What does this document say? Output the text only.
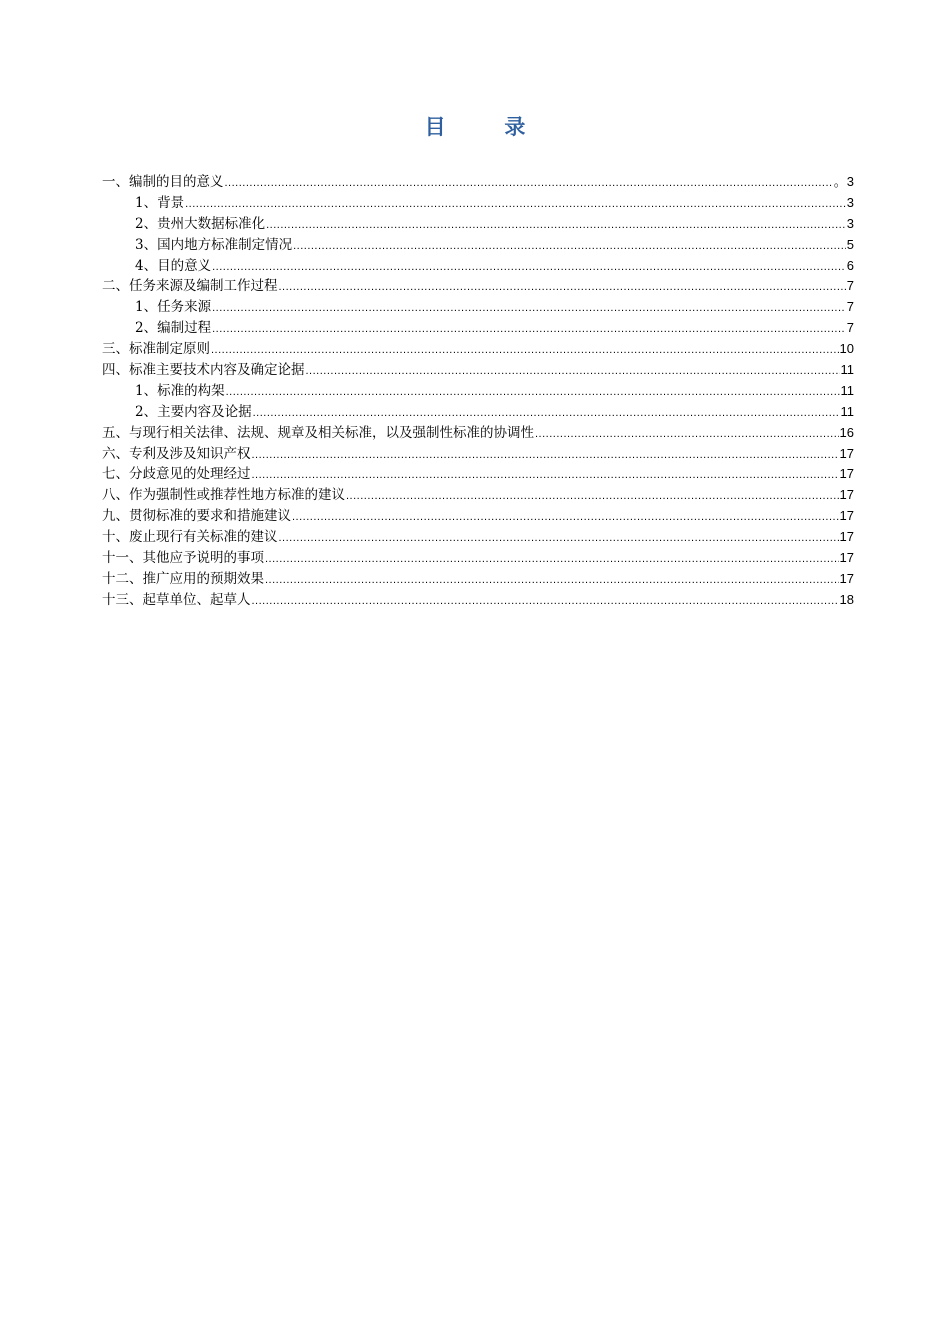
目　录
一、编制的目的意义 .....	。3
1、背景 .....	3
2、贵州大数据标准化 .....	3
3、国内地方标准制定情况 .....	5
4、目的意义 .....	6
二、任务来源及编制工作过程 .....	7
1、任务来源 .....	7
2、编制过程 .....	7
三、标准制定原则 .....	10
四、标准主要技术内容及确定论据 .....	11
1、标准的构架 .....	11
2、主要内容及论据 .....	11
五、与现行相关法律、法规、规章及相关标准，以及强制性标准的协调性 .....	16
六、专利及涉及知识产权 .....	17
七、分歧意见的处理经过 .....	17
八、作为强制性或推荐性地方标准的建议 .....	17
九、贯彻标准的要求和措施建议 .....	17
十、废止现行有关标准的建议 .....	17
十一、其他应予说明的事项 .....	17
十二、推广应用的预期效果 .....	17
十三、起草单位、起草人 .....	18
